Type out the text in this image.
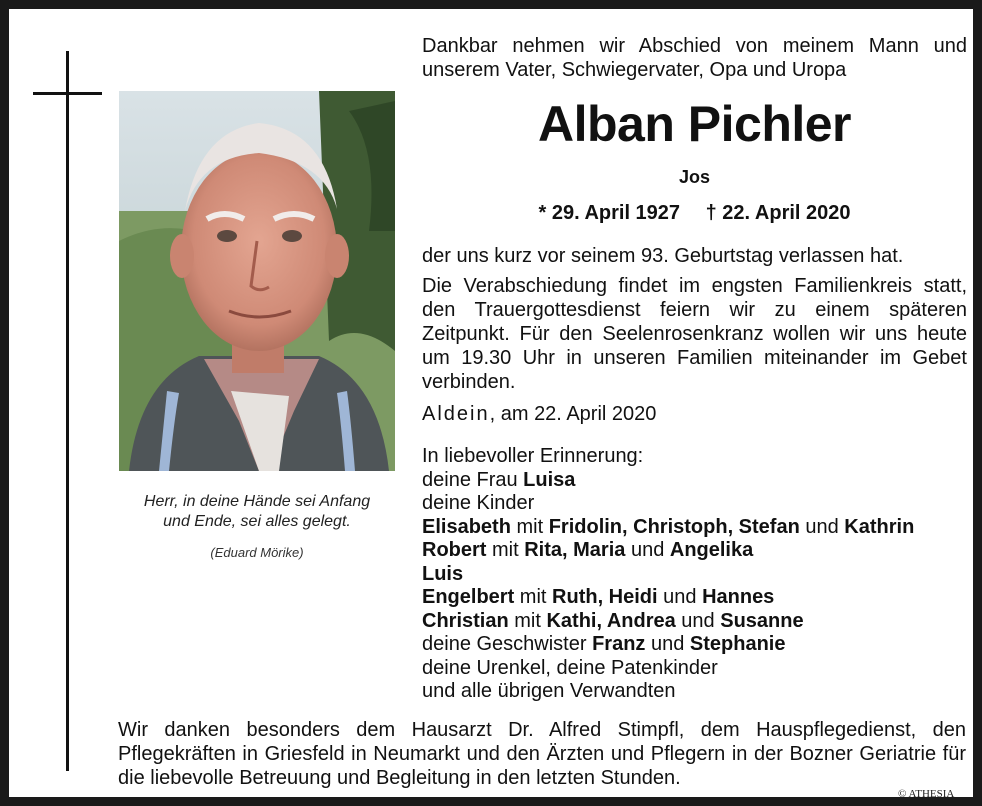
Herr, in deine Hände sei Anfang
und Ende, sei alles gelegt.
(Eduard Mörike)
Dankbar nehmen wir Abschied von meinem Mann und unserem Vater, Schwiegervater, Opa und Uropa
Alban Pichler
Jos
* 29. April 1927 † 22. April 2020
der uns kurz vor seinem 93. Geburtstag verlassen hat.
Die Verabschiedung findet im engsten Familienkreis statt, den Trauergottesdienst feiern wir zu einem späteren Zeitpunkt. Für den Seelenrosenkranz wollen wir uns heute um 19.30 Uhr in unseren Familien miteinander im Gebet verbinden.
Aldein, am 22. April 2020
In liebevoller Erinnerung:
deine Frau Luisa
deine Kinder
Elisabeth mit Fridolin, Christoph, Stefan und Kathrin
Robert mit Rita, Maria und Angelika
Luis
Engelbert mit Ruth, Heidi und Hannes
Christian mit Kathi, Andrea und Susanne
deine Geschwister Franz und Stephanie
deine Urenkel, deine Patenkinder
und alle übrigen Verwandten
Wir danken besonders dem Hausarzt Dr. Alfred Stimpfl, dem Hauspflegedienst, den Pflegekräften in Griesfeld in Neumarkt und den Ärzten und Pflegern in der Bozner Geriatrie für die liebevolle Betreuung und Begleitung in den letzten Stunden.
© ATHESIA
